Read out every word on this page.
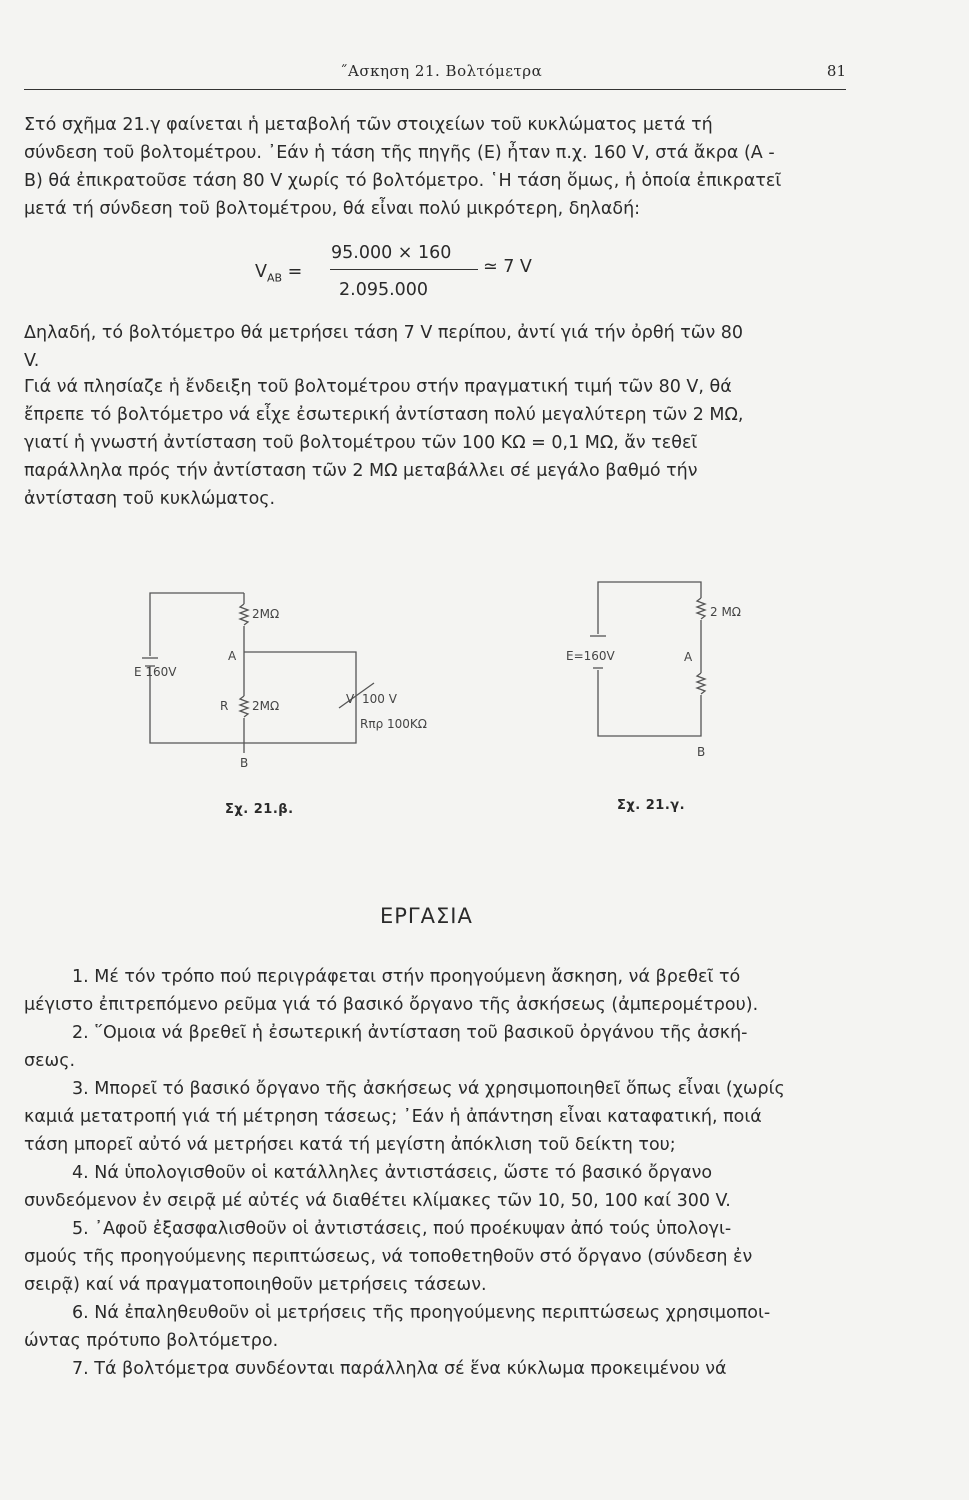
˝Ασκηση 21. Βολτόμετρα	81

Στό σχῆμα 21.γ φαίνεται ἡ μεταβολή τῶν στοιχείων τοῦ κυκλώματος μετά τή
σύνδεση τοῦ βολτομέτρου. ᾽Εάν ἡ τάση τῆς πηγῆς (Ε) ἦταν π.χ. 160 V, στά ἄκρα (Α -
Β) θά ἐπικρατοῦσε τάση 80 V χωρίς τό βολτόμετρο. ῾Η τάση ὅμως, ἡ ὁποία ἐπικρατεῖ
μετά τή σύνδεση τοῦ βολτομέτρου, θά εἶναι πολύ μικρότερη, δηλαδή:

$V_{AB}$ =
95.000 × 160
2.095.000
≃ 7 V

Δηλαδή, τό βολτόμετρο θά μετρήσει τάση 7 V περίπου, ἀντί γιά τήν ὀρθή τῶν 80
V.

Γιά νά πλησίαζε ἡ ἔνδειξη τοῦ βολτομέτρου στήν πραγματική τιμή τῶν 80 V, θά
ἔπρεπε τό βολτόμετρο νά εἶχε ἐσωτερική ἀντίσταση πολύ μεγαλύτερη τῶν 2 ΜΩ,
γιατί ἡ γνωστή ἀντίσταση τοῦ βολτομέτρου τῶν 100 ΚΩ = 0,1 ΜΩ, ἄν τεθεῖ
παράλληλα πρός τήν ἀντίσταση τῶν 2 ΜΩ μεταβάλλει σέ μεγάλο βαθμό τήν
ἀντίσταση τοῦ κυκλώματος.

2ΜΩ
Α
Ε 160V
R 2ΜΩ	V 100 V
Rπρ 100ΚΩ
Β
Σχ. 21.β.
2 ΜΩ
Ε=160V	Α
Β
Σχ. 21.γ.
ΕΡΓΑΣΙΑ

1. Μέ τόν τρόπο πού περιγράφεται στήν προηγούμενη ἄσκηση, νά βρεθεῖ τό
μέγιστο ἐπιτρεπόμενο ρεῦμα γιά τό βασικό ὄργανο τῆς ἀσκήσεως (ἀμπερομέτρου).

2. ῞Ομοια νά βρεθεῖ ἡ ἐσωτερική ἀντίσταση τοῦ βασικοῦ ὀργάνου τῆς ἀσκή-
σεως.

3. Μπορεῖ τό βασικό ὄργανο τῆς ἀσκήσεως νά χρησιμοποιηθεῖ ὅπως εἶναι (χωρίς
καμιά μετατροπή γιά τή μέτρηση τάσεως; ᾽Εάν ἡ ἀπάντηση εἶναι καταφατική, ποιά
τάση μπορεῖ αὐτό νά μετρήσει κατά τή μεγίστη ἀπόκλιση τοῦ δείκτη του;

4. Νά ὑπολογισθοῦν οἱ κατάλληλες ἀντιστάσεις, ὥστε τό βασικό ὄργανο
συνδεόμενον ἐν σειρᾷ μέ αὐτές νά διαθέτει κλίμακες τῶν 10, 50, 100 καί 300 V.

5. ᾽Αφοῦ ἐξασφαλισθοῦν οἱ ἀντιστάσεις, πού προέκυψαν ἀπό τούς ὑπολογι-
σμούς τῆς προηγούμενης περιπτώσεως, νά τοποθετηθοῦν στό ὄργανο (σύνδεση ἐν
σειρᾷ) καί νά πραγματοποιηθοῦν μετρήσεις τάσεων.

6. Νά ἐπαληθευθοῦν οἱ μετρήσεις τῆς προηγούμενης περιπτώσεως χρησιμοποι-
ώντας πρότυπο βολτόμετρο.

7. Τά βολτόμετρα συνδέονται παράλληλα σέ ἕνα κύκλωμα προκειμένου νά
